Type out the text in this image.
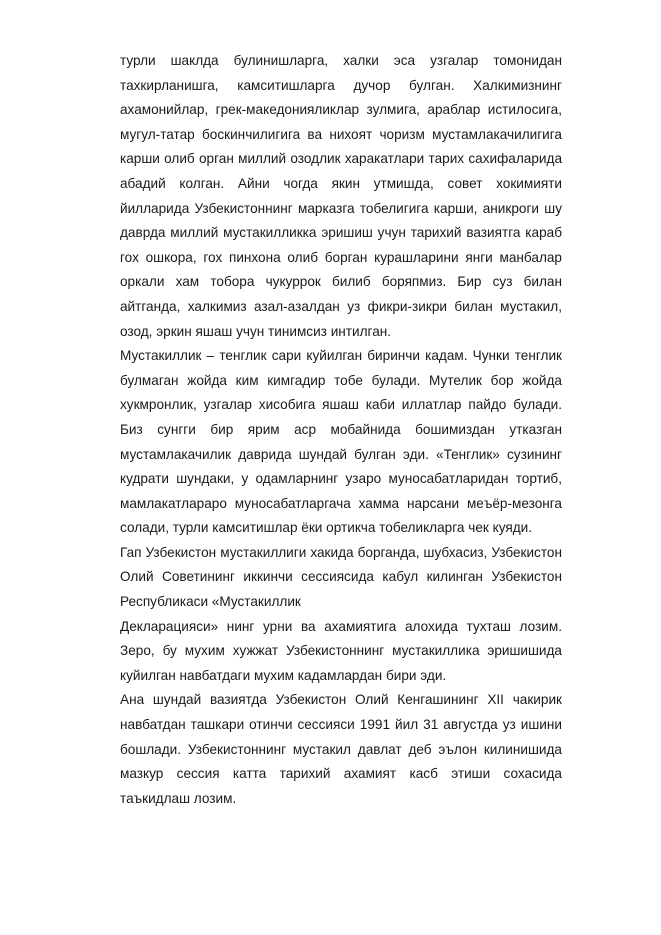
турли шаклда булинишларга, халки эса узгалар томонидан тахкирланишга, камситишларга дучор булган. Халкимизнинг ахамонийлар, грек-македонияликлар зулмига, араблар истилосига, мугул-татар боскинчилигига ва нихоят чоризм мустамлакачилигига карши олиб орган миллий озодлик харакатлари тарих сахифаларида абадий колган. Айни чогда якин утмишда, совет хокимияти йилларида Узбекистоннинг марказга тобелигига карши, аникроги шу даврда миллий мустакилликка эришиш учун тарихий вазиятга караб гох ошкора, гох пинхона олиб борган курашларини янги манбалар оркали хам тобора чукуррок билиб боряпмиз. Бир суз билан айтганда, халкимиз азал-азалдан уз фикри-зикри билан мустакил, озод, эркин яшаш учун тинимсиз интилган.

Мустакиллик – тенглик сари куйилган биринчи кадам. Чунки тенглик булмаган жойда ким кимгадир тобе булади. Мутелик бор жойда хукмронлик, узгалар хисобига яшаш каби иллатлар пайдо булади. Биз сунгги бир ярим аср мобайнида бошимиздан утказган мустамлакачилик даврида шундай булган эди. «Тенглик» сузининг кудрати шундаки, у одамларнинг узаро муносабатларидан тортиб, мамлакатлараро муносабатларгача хамма нарсани меъёр-мезонга солади, турли камситишлар ёки ортикча тобеликларга чек куяди.

Гап Узбекистон мустакиллиги хакида борганда, шубхасиз, Узбекистон Олий Советининг иккинчи сессиясида кабул килинган Узбекистон Республикаси «Мустакиллик

Декларацияси» нинг урни ва ахамиятига алохида тухташ лозим. Зеро, бу мухим хужжат Узбекистоннинг мустакиллика эришишида куйилган навбатдаги мухим кадамлардан бири эди.

Ана шундай вазиятда Узбекистон Олий Кенгашининг XII чакирик навбатдан ташкари отинчи сессияси 1991 йил 31 августда уз ишини бошлади. Узбекистоннинг мустакил давлат деб эълон килинишида мазкур сессия катта тарихий ахамият касб этиши сохасида таъкидлаш лозим.
